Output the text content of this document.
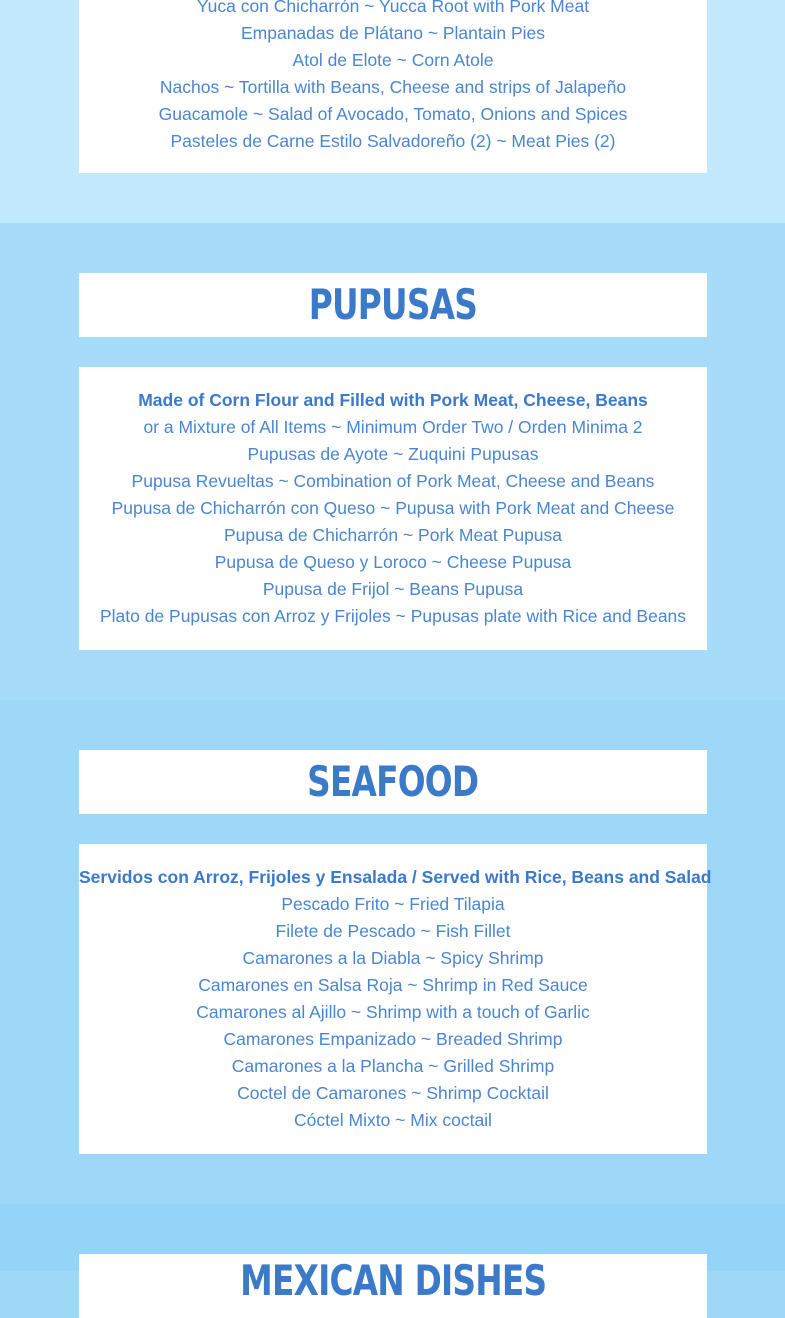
Yuca con Chicharrón ~ Yucca Root with Pork Meat
Empanadas de Plátano ~ Plantain Pies
Atol de Elote ~ Corn Atole
Nachos ~ Tortilla with Beans, Cheese and strips of Jalapeño
Guacamole ~ Salad of Avocado, Tomato, Onions and Spices
Pasteles de Carne Estilo Salvadoreño (2) ~ Meat Pies (2)
PUPUSAS
Made of Corn Flour and Filled with Pork Meat, Cheese, Beans
or a Mixture of All Items ~ Minimum Order Two / Orden Minima 2
Pupusas de Ayote ~ Zuquini Pupusas
Pupusa Revueltas ~ Combination of Pork Meat, Cheese and Beans
Pupusa de Chicharrón con Queso ~ Pupusa with Pork Meat and Cheese
Pupusa de Chicharrón ~ Pork Meat Pupusa
Pupusa de Queso y Loroco ~ Cheese Pupusa
Pupusa de Frijol ~ Beans Pupusa
Plato de Pupusas con Arroz y Frijoles ~ Pupusas plate with Rice and Beans
SEAFOOD
Servidos con Arroz, Frijoles y Ensalada / Served with Rice, Beans and Salad
Pescado Frito ~ Fried Tilapia
Filete de Pescado ~ Fish Fillet
Camarones a la Diabla ~ Spicy Shrimp
Camarones en Salsa Roja ~ Shrimp in Red Sauce
Camarones al Ajillo ~ Shrimp with a touch of Garlic
Camarones Empanizado ~ Breaded Shrimp
Camarones a la Plancha ~ Grilled Shrimp
Coctel de Camarones ~ Shrimp Cocktail
Cóctel Mixto ~ Mix coctail
MEXICAN DISHES
